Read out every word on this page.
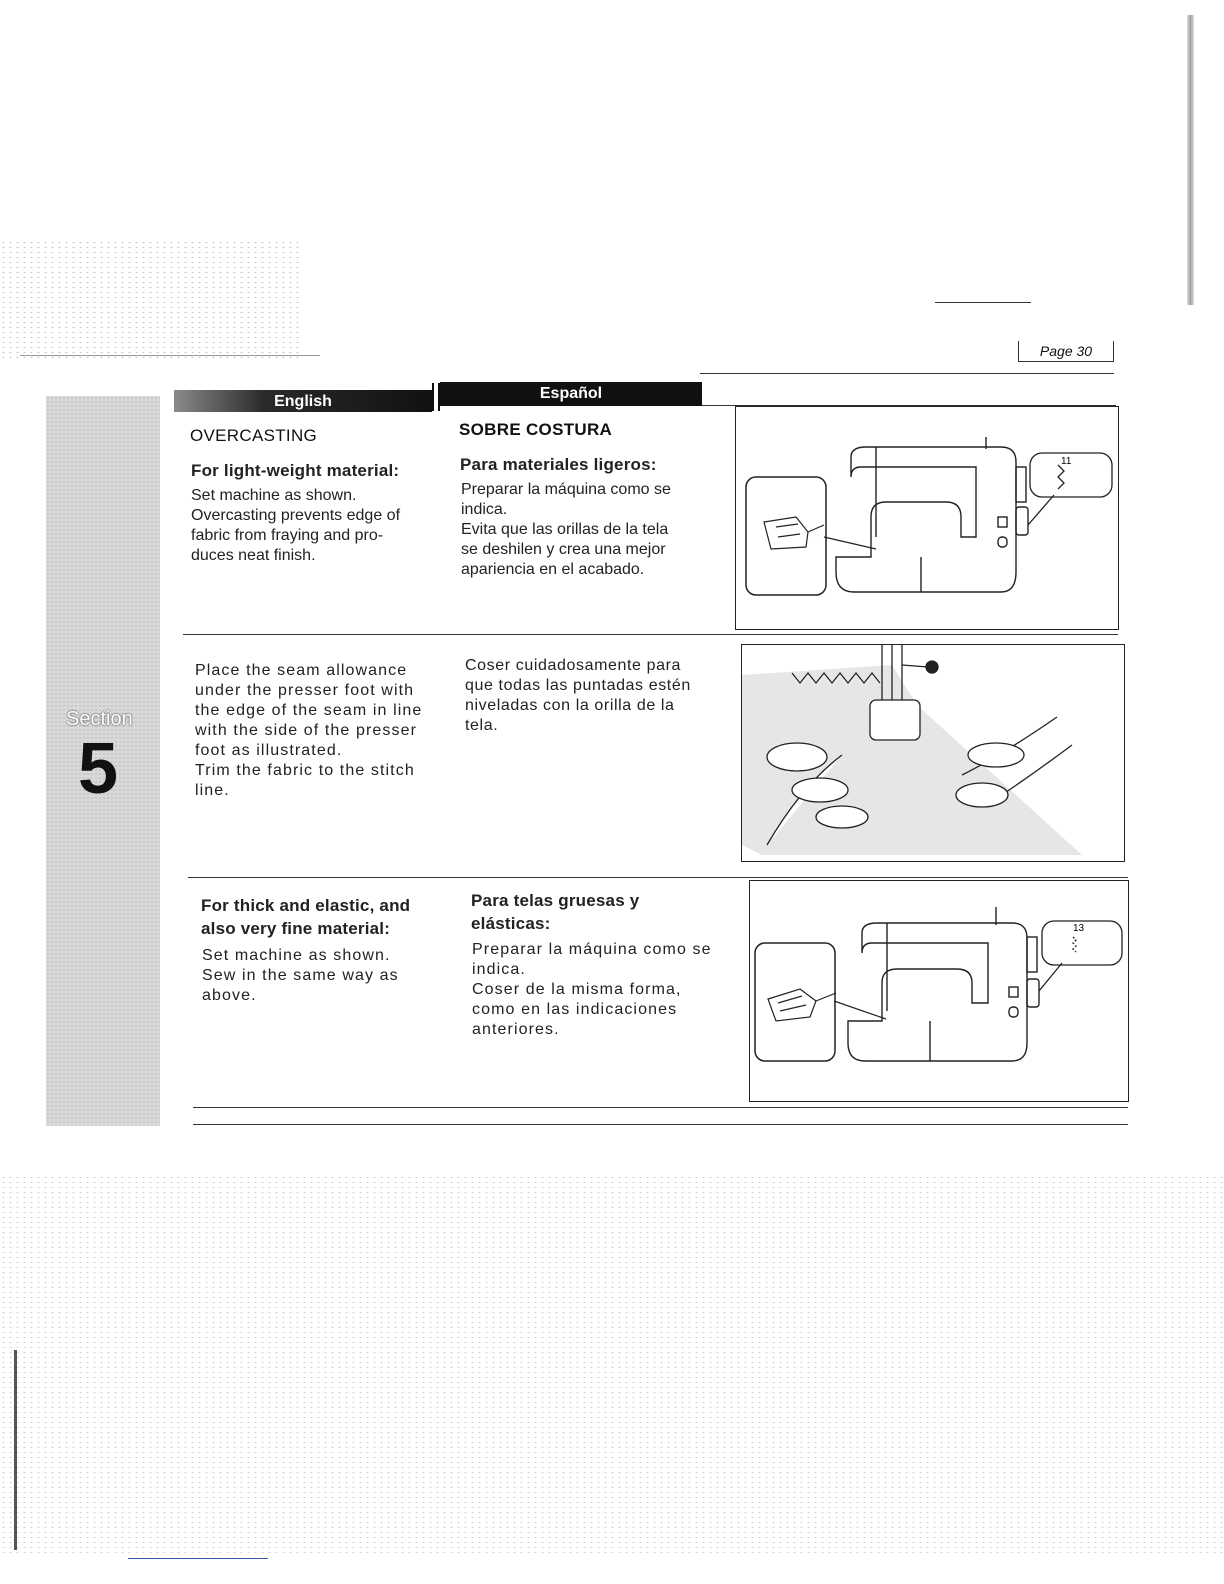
Page 30
Section
5
English	Español
OVERCASTING
For light-weight material:
Set machine as shown.
Overcasting prevents edge of
fabric from fraying and pro-
duces neat finish.
SOBRE COSTURA
Para materiales ligeros:
Preparar la máquina como se
indica.
Evita que las orillas de la tela
se deshilen y crea una mejor
apariencia en el acabado.
11
Place the seam allowance
under the presser foot with
the edge of the seam in line
with the side of the presser
foot as illustrated.
Trim the fabric to the stitch
line.
Coser cuidadosamente para
que todas las puntadas estén
niveladas con la orilla de la
tela.
For thick and elastic, and
also very fine material:
Set machine as shown.
Sew in the same way as
above.
Para telas gruesas y
elásticas:
Preparar la máquina como se
indica.
Coser de la misma forma,
como en las indicaciones
anteriores.
13
